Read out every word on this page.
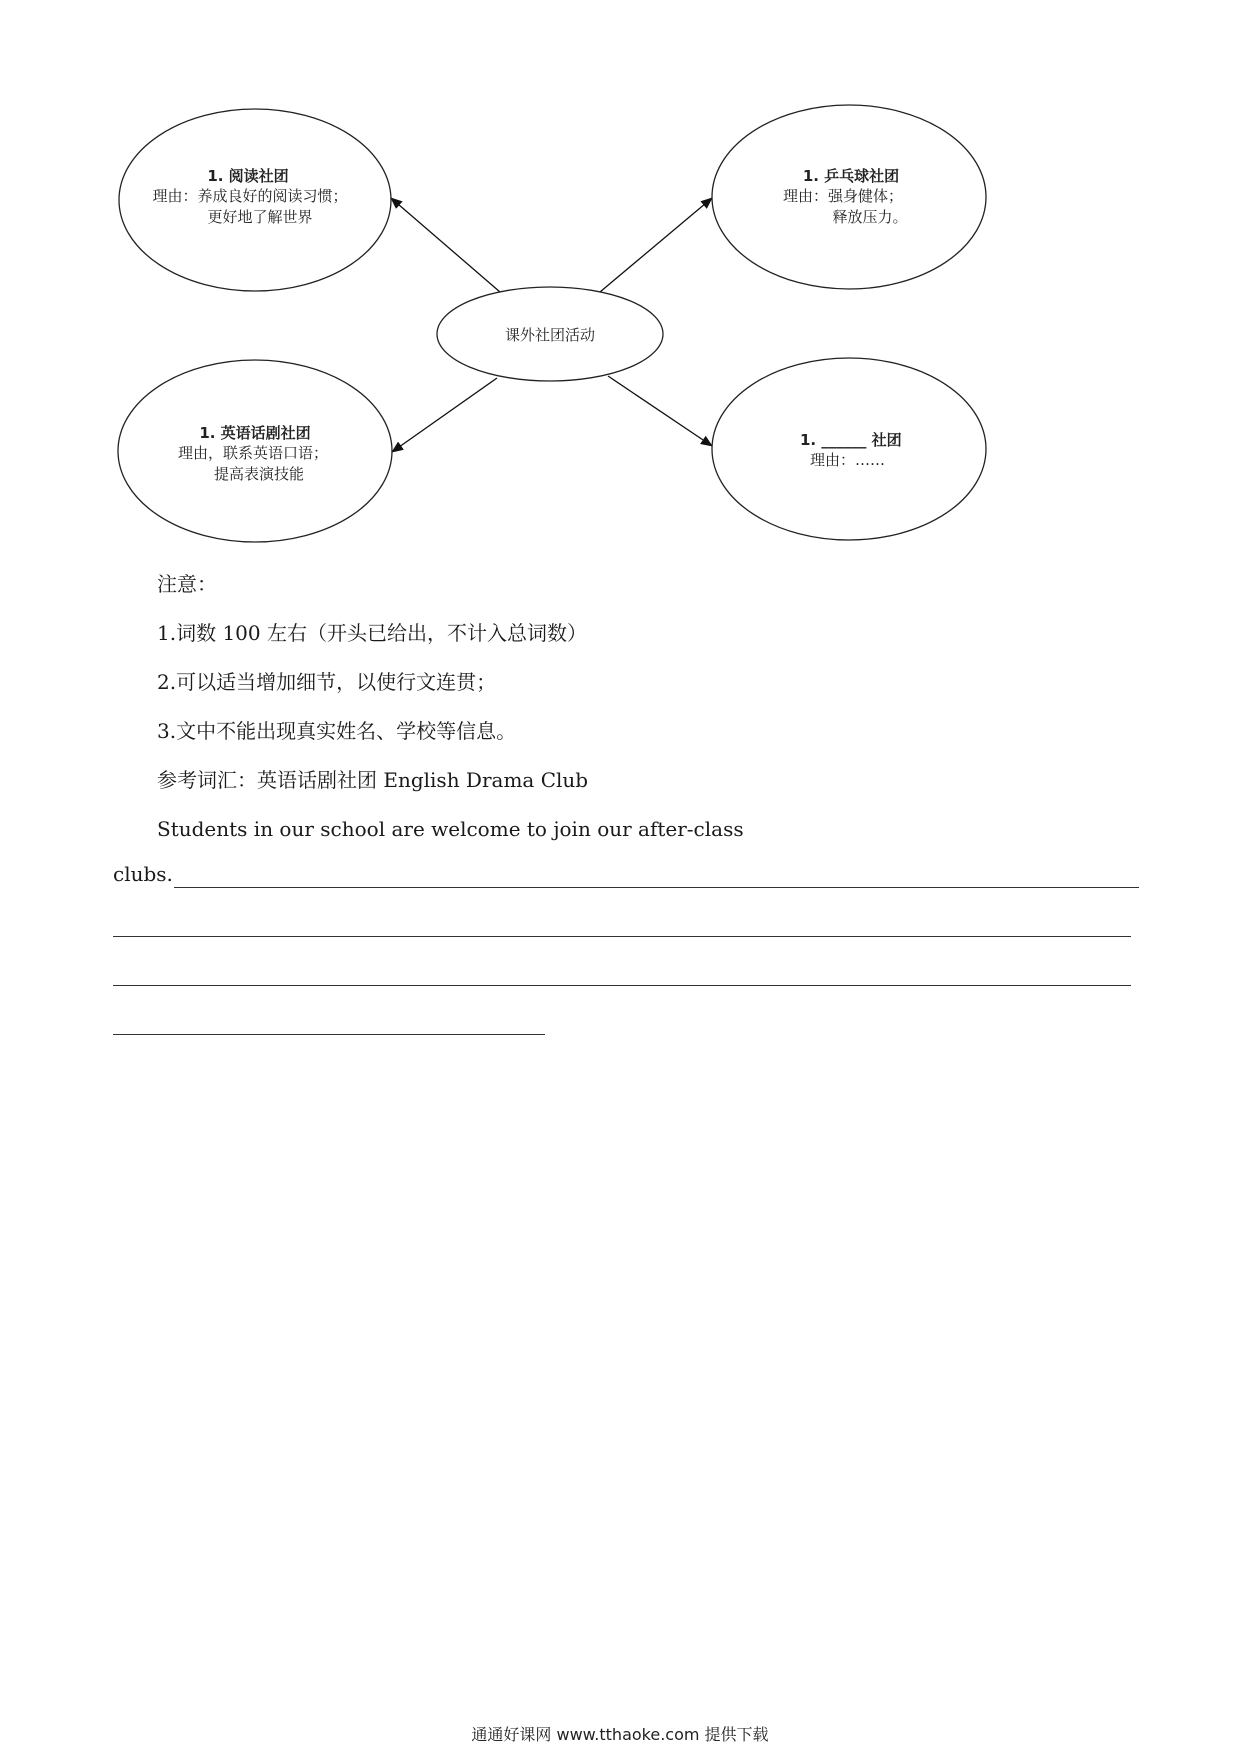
课外社团活动
1. 阅读社团
理由：养成良好的阅读习惯；
更好地了解世界
1. 乒乓球社团
理由：强身健体；
释放压力。
1. 英语话剧社团
理由，联系英语口语；
提高表演技能
1. ______ 社团
理由：……
注意：
1.词数 100 左右（开头已给出，不计入总词数）
2.可以适当增加细节，以使行文连贯；
3.文中不能出现真实姓名、学校等信息。
参考词汇：英语话剧社团 English Drama Club
Students in our school are welcome to join our after-class
clubs.
通通好课网 www.tthaoke.com 提供下载
